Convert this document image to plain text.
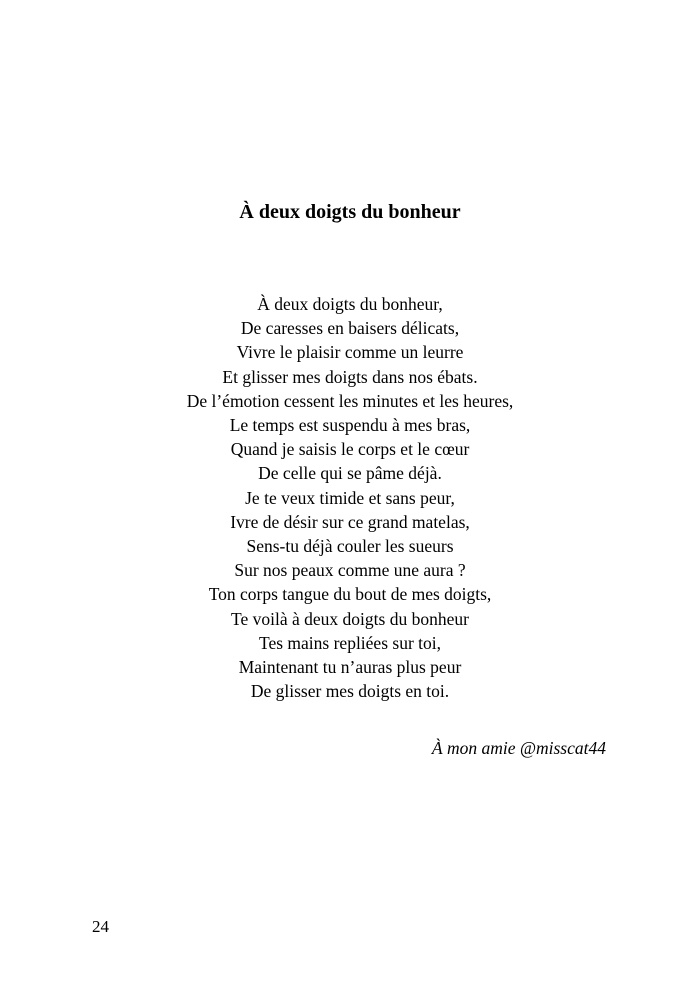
À deux doigts du bonheur
À deux doigts du bonheur,
De caresses en baisers délicats,
Vivre le plaisir comme un leurre
Et glisser mes doigts dans nos ébats.
De l’émotion cessent les minutes et les heures,
Le temps est suspendu à mes bras,
Quand je saisis le corps et le cœur
De celle qui se pâme déjà.
Je te veux timide et sans peur,
Ivre de désir sur ce grand matelas,
Sens-tu déjà couler les sueurs
Sur nos peaux comme une aura ?
Ton corps tangue du bout de mes doigts,
Te voilà à deux doigts du bonheur
Tes mains repliées sur toi,
Maintenant tu n’auras plus peur
De glisser mes doigts en toi.
À mon amie @misscat44
24
